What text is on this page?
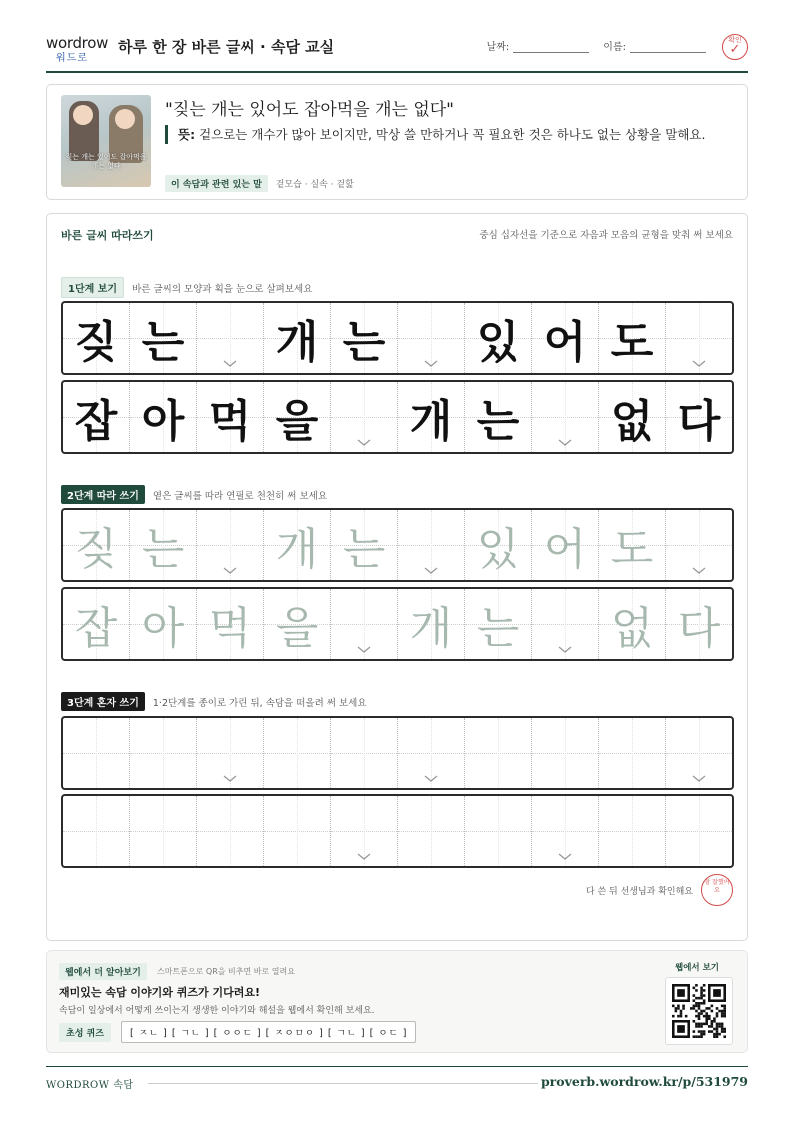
wordrow
워드로
하루 한 장 바른 글씨 · 속담 교실	날짜:	이름:
확인
✓
짖는 개는 있어도 잡아먹을 개는 없다
"짖는 개는 있어도 잡아먹을 개는 없다"
뜻: 겉으로는 개수가 많아 보이지만, 막상 쓸 만하거나 꼭 필요한 것은 하나도 없는 상황을 말해요.
이 속담과 관련 있는 말	겉모습 · 실속 · 겉핥
바른 글씨 따라쓰기	중심 십자선을 기준으로 자음과 모음의 균형을 맞춰 써 보세요
1단계 보기	바른 글씨의 모양과 획을 눈으로 살펴보세요
짖 는 개 는 있 어 도
잡 아 먹 을 개 는 없 다
2단계 따라 쓰기	옅은 글씨를 따라 연필로 천천히 써 보세요
짖 는 개 는 있 어 도
잡 아 먹 을 개 는 없 다
3단계 혼자 쓰기	1·2단계를 종이로 가린 뒤, 속담을 떠올려 써 보세요
다 쓴 뒤 선생님과 확인해요
참 잘했어요
웹에서 더 알아보기	스마트폰으로 QR을 비추면 바로 열려요
재미있는 속담 이야기와 퀴즈가 기다려요!
속담이 일상에서 어떻게 쓰이는지 생생한 이야기와 해설을 웹에서 확인해 보세요.
초성 퀴즈	[ ㅈㄴ ] [ ㄱㄴ ] [ ㅇㅇㄷ ] [ ㅈㅇㅁㅇ ] [ ㄱㄴ ] [ ㅇㄷ ]
웹에서 보기
WORDROW 속담	proverb.wordrow.kr/p/531979
